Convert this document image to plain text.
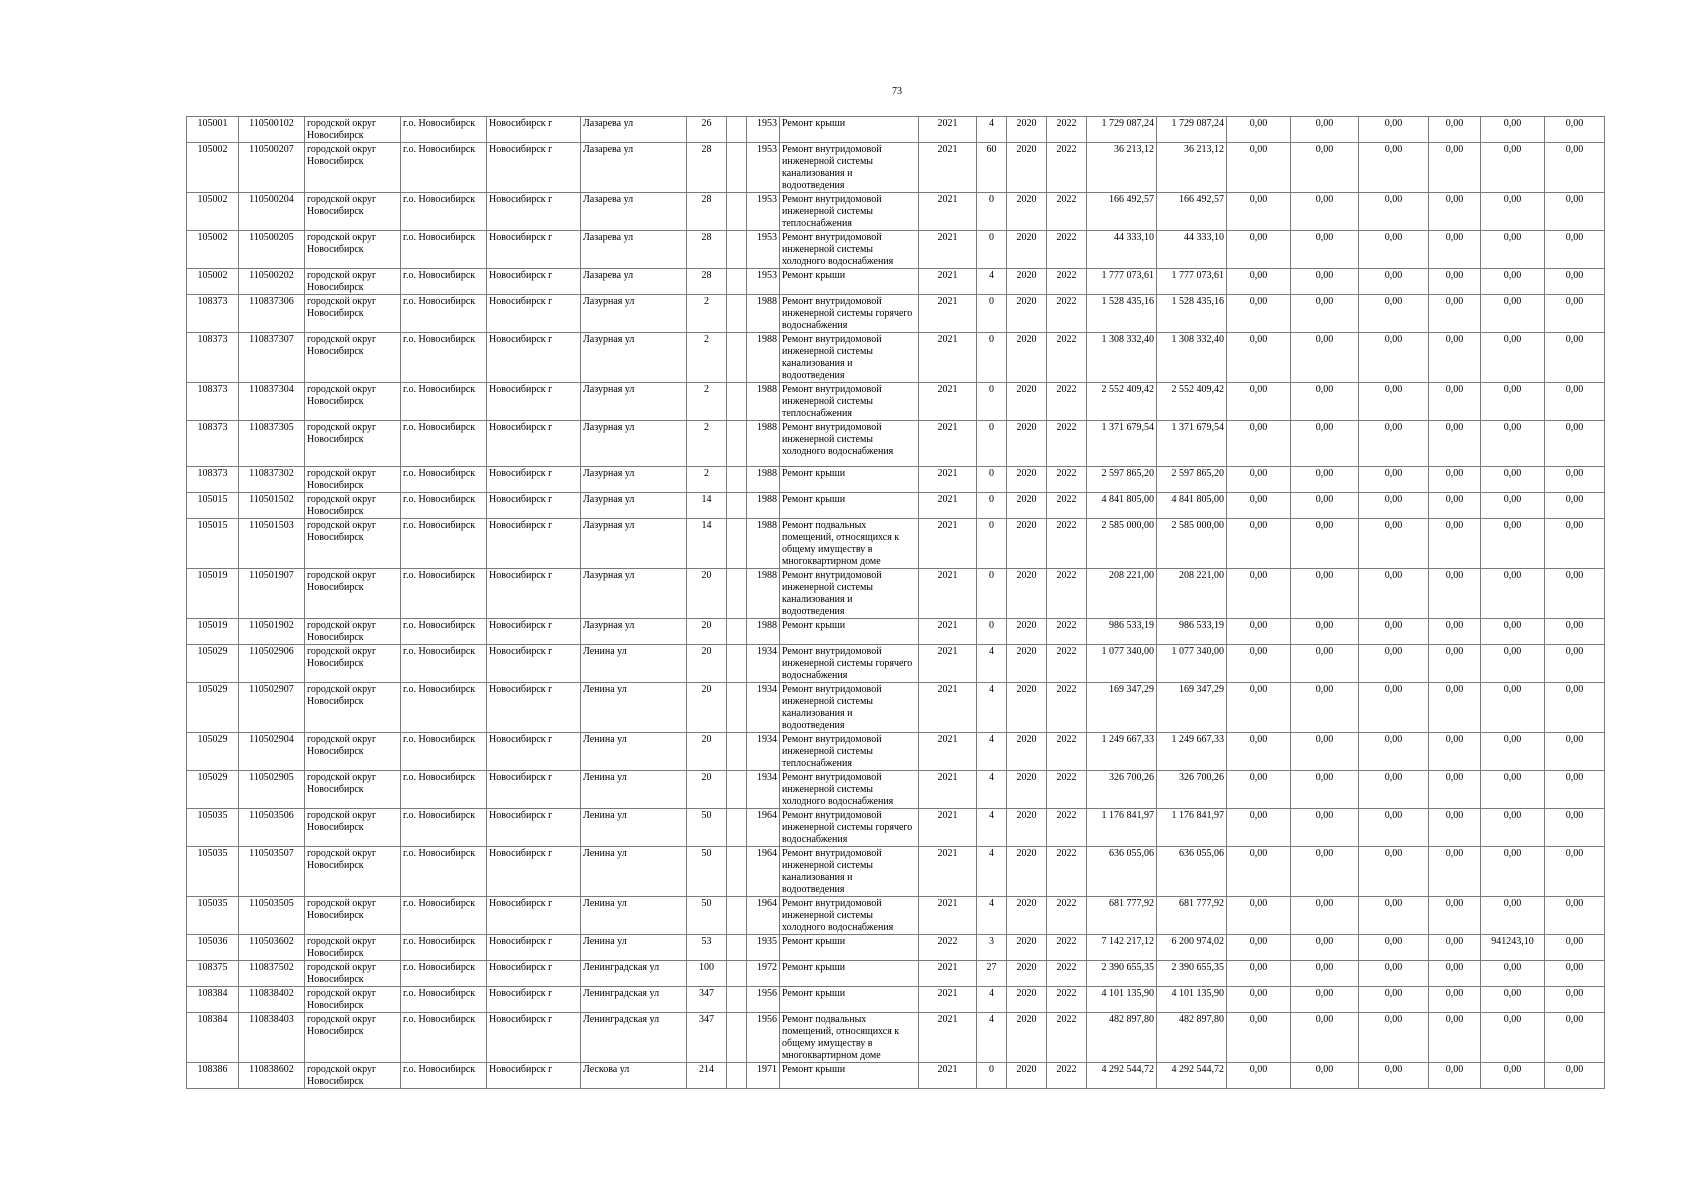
73
105001	110500102	городской округ Новосибирск	г.о. Новосибирск	Новосибирск г	Лазарева ул	26		1953	Ремонт крыши	2021	4	2020	2022	1 729 087,24	1 729 087,24	0,00	0,00	0,00	0,00	0,00	0,00
105002	110500207	городской округ Новосибирск	г.о. Новосибирск	Новосибирск г	Лазарева ул	28		1953	Ремонт внутридомовой инженерной системы канализования и водоотведения	2021	60	2020	2022	36 213,12	36 213,12	0,00	0,00	0,00	0,00	0,00	0,00
105002	110500204	городской округ Новосибирск	г.о. Новосибирск	Новосибирск г	Лазарева ул	28		1953	Ремонт внутридомовой инженерной системы теплоснабжения	2021	0	2020	2022	166 492,57	166 492,57	0,00	0,00	0,00	0,00	0,00	0,00
105002	110500205	городской округ Новосибирск	г.о. Новосибирск	Новосибирск г	Лазарева ул	28		1953	Ремонт внутридомовой инженерной системы холодного водоснабжения	2021	0	2020	2022	44 333,10	44 333,10	0,00	0,00	0,00	0,00	0,00	0,00
105002	110500202	городской округ Новосибирск	г.о. Новосибирск	Новосибирск г	Лазарева ул	28		1953	Ремонт крыши	2021	4	2020	2022	1 777 073,61	1 777 073,61	0,00	0,00	0,00	0,00	0,00	0,00
108373	110837306	городской округ Новосибирск	г.о. Новосибирск	Новосибирск г	Лазурная ул	2		1988	Ремонт внутридомовой инженерной системы горячего водоснабжения	2021	0	2020	2022	1 528 435,16	1 528 435,16	0,00	0,00	0,00	0,00	0,00	0,00
108373	110837307	городской округ Новосибирск	г.о. Новосибирск	Новосибирск г	Лазурная ул	2		1988	Ремонт внутридомовой инженерной системы канализования и водоотведения	2021	0	2020	2022	1 308 332,40	1 308 332,40	0,00	0,00	0,00	0,00	0,00	0,00
108373	110837304	городской округ Новосибирск	г.о. Новосибирск	Новосибирск г	Лазурная ул	2		1988	Ремонт внутридомовой инженерной системы теплоснабжения	2021	0	2020	2022	2 552 409,42	2 552 409,42	0,00	0,00	0,00	0,00	0,00	0,00
108373	110837305	городской округ Новосибирск	г.о. Новосибирск	Новосибирск г	Лазурная ул	2		1988	Ремонт внутридомовой инженерной системы холодного водоснабжения	2021	0	2020	2022	1 371 679,54	1 371 679,54	0,00	0,00	0,00	0,00	0,00	0,00
108373	110837302	городской округ Новосибирск	г.о. Новосибирск	Новосибирск г	Лазурная ул	2		1988	Ремонт крыши	2021	0	2020	2022	2 597 865,20	2 597 865,20	0,00	0,00	0,00	0,00	0,00	0,00
105015	110501502	городской округ Новосибирск	г.о. Новосибирск	Новосибирск г	Лазурная ул	14		1988	Ремонт крыши	2021	0	2020	2022	4 841 805,00	4 841 805,00	0,00	0,00	0,00	0,00	0,00	0,00
105015	110501503	городской округ Новосибирск	г.о. Новосибирск	Новосибирск г	Лазурная ул	14		1988	Ремонт подвальных помещений, относящихся к общему имуществу в многоквартирном доме	2021	0	2020	2022	2 585 000,00	2 585 000,00	0,00	0,00	0,00	0,00	0,00	0,00
105019	110501907	городской округ Новосибирск	г.о. Новосибирск	Новосибирск г	Лазурная ул	20		1988	Ремонт внутридомовой инженерной системы канализования и водоотведения	2021	0	2020	2022	208 221,00	208 221,00	0,00	0,00	0,00	0,00	0,00	0,00
105019	110501902	городской округ Новосибирск	г.о. Новосибирск	Новосибирск г	Лазурная ул	20		1988	Ремонт крыши	2021	0	2020	2022	986 533,19	986 533,19	0,00	0,00	0,00	0,00	0,00	0,00
105029	110502906	городской округ Новосибирск	г.о. Новосибирск	Новосибирск г	Ленина ул	20		1934	Ремонт внутридомовой инженерной системы горячего водоснабжения	2021	4	2020	2022	1 077 340,00	1 077 340,00	0,00	0,00	0,00	0,00	0,00	0,00
105029	110502907	городской округ Новосибирск	г.о. Новосибирск	Новосибирск г	Ленина ул	20		1934	Ремонт внутридомовой инженерной системы канализования и водоотведения	2021	4	2020	2022	169 347,29	169 347,29	0,00	0,00	0,00	0,00	0,00	0,00
105029	110502904	городской округ Новосибирск	г.о. Новосибирск	Новосибирск г	Ленина ул	20		1934	Ремонт внутридомовой инженерной системы теплоснабжения	2021	4	2020	2022	1 249 667,33	1 249 667,33	0,00	0,00	0,00	0,00	0,00	0,00
105029	110502905	городской округ Новосибирск	г.о. Новосибирск	Новосибирск г	Ленина ул	20		1934	Ремонт внутридомовой инженерной системы холодного водоснабжения	2021	4	2020	2022	326 700,26	326 700,26	0,00	0,00	0,00	0,00	0,00	0,00
105035	110503506	городской округ Новосибирск	г.о. Новосибирск	Новосибирск г	Ленина ул	50		1964	Ремонт внутридомовой инженерной системы горячего водоснабжения	2021	4	2020	2022	1 176 841,97	1 176 841,97	0,00	0,00	0,00	0,00	0,00	0,00
105035	110503507	городской округ Новосибирск	г.о. Новосибирск	Новосибирск г	Ленина ул	50		1964	Ремонт внутридомовой инженерной системы канализования и водоотведения	2021	4	2020	2022	636 055,06	636 055,06	0,00	0,00	0,00	0,00	0,00	0,00
105035	110503505	городской округ Новосибирск	г.о. Новосибирск	Новосибирск г	Ленина ул	50		1964	Ремонт внутридомовой инженерной системы холодного водоснабжения	2021	4	2020	2022	681 777,92	681 777,92	0,00	0,00	0,00	0,00	0,00	0,00
105036	110503602	городской округ Новосибирск	г.о. Новосибирск	Новосибирск г	Ленина ул	53		1935	Ремонт крыши	2022	3	2020	2022	7 142 217,12	6 200 974,02	0,00	0,00	0,00	0,00	941243,10	0,00
108375	110837502	городской округ Новосибирск	г.о. Новосибирск	Новосибирск г	Ленинградская ул	100		1972	Ремонт крыши	2021	27	2020	2022	2 390 655,35	2 390 655,35	0,00	0,00	0,00	0,00	0,00	0,00
108384	110838402	городской округ Новосибирск	г.о. Новосибирск	Новосибирск г	Ленинградская ул	347		1956	Ремонт крыши	2021	4	2020	2022	4 101 135,90	4 101 135,90	0,00	0,00	0,00	0,00	0,00	0,00
108384	110838403	городской округ Новосибирск	г.о. Новосибирск	Новосибирск г	Ленинградская ул	347		1956	Ремонт подвальных помещений, относящихся к общему имуществу в многоквартирном доме	2021	4	2020	2022	482 897,80	482 897,80	0,00	0,00	0,00	0,00	0,00	0,00
108386	110838602	городской округ Новосибирск	г.о. Новосибирск	Новосибирск г	Лескова ул	214		1971	Ремонт крыши	2021	0	2020	2022	4 292 544,72	4 292 544,72	0,00	0,00	0,00	0,00	0,00	0,00
